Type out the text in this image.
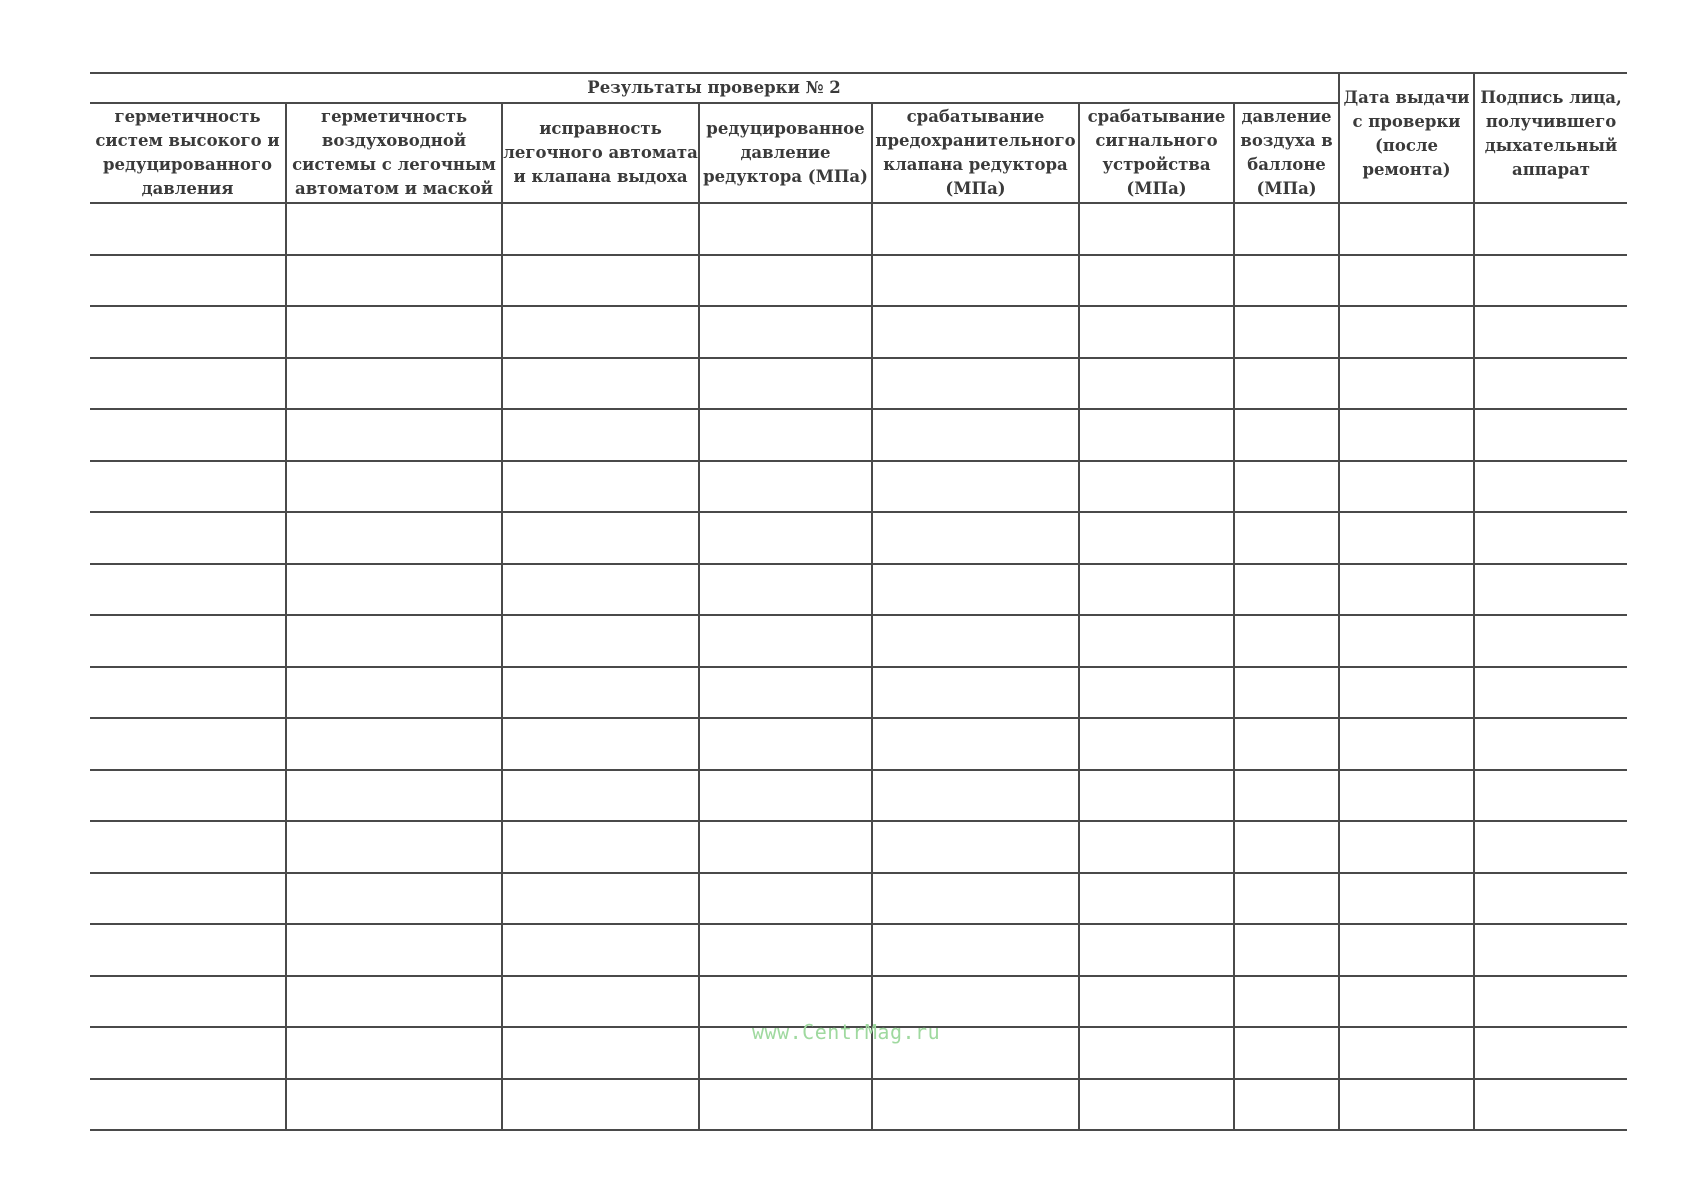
Результаты проверки № 2							Дата выдачи с проверки (после ремонта)	Подпись лица, получившего дыхательный аппарат
герметичность систем высокого и редуцированного давления	герметичность воздуховодной системы с легочным автоматом и маской	исправность легочного автомата и клапана выдоха	редуцированное давление редуктора (МПа)	срабатывание предохранительного клапана редуктора (МПа)	срабатывание сигнального устройства (МПа)	давление воздуха в баллоне (МПа)		

www.CentrMag.ru
